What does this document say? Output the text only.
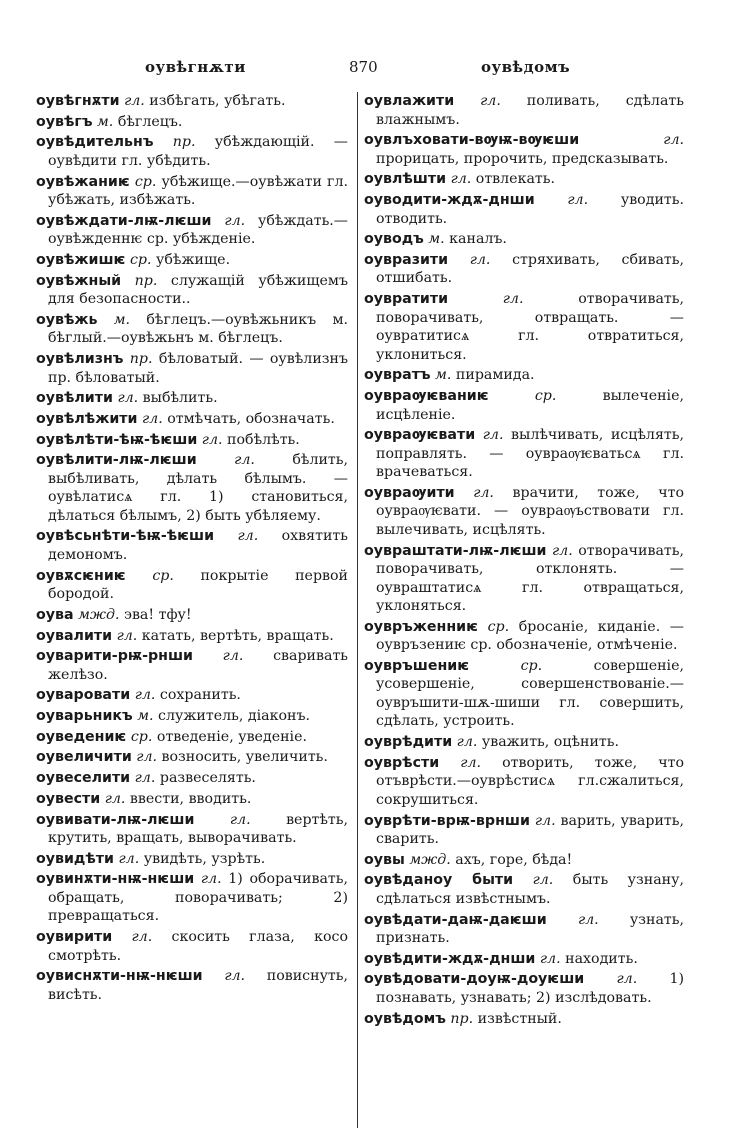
оувѣгнѫти	870	оувѣдомъ
оувѣгнѫти гл. избѣгать, убѣгать.
оувѣгъ м. бѣглецъ.
оувѣдительнъ пр. убѣждающій. — оувѣдити гл. убѣдить.
оувѣжаниѥ ср. убѣжище.—оувѣжати гл. убѣжать, избѣжать.
оувѣждати-лѭ-лѥши гл. убѣждать.— оувѣжденнѥ ср. убѣжденіе.
оувѣжишѥ ср. убѣжище.
оувѣжный пр. служащій убѣжищемъ для безопасности..
оувѣжь м. бѣглецъ.—оувѣжьникъ м. бѣглый.—оувѣжьнъ м. бѣглецъ.
оувѣлизнъ пр. бѣловатый. — оувѣлизнъ пр. бѣловатый.
оувѣлити гл. выбѣлить.
оувѣлѣжити гл. отмѣчать, обозначать.
оувѣлѣти-ѣѭ-ѣѥши гл. побѣлѣть.
оувѣлити-лѭ-лѥши	гл.	бѣлить, выбѣливать, дѣлать бѣлымъ. — оувѣлатисѧ гл. 1) становиться, дѣлаться бѣлымъ, 2) быть убѣляему.
оувѣсьнѣти-ѣѭ-ѣѥши гл. охвятить демономъ.
оувѫсѥниѥ ср. покрытіе первой бородой.
оува мжд. эва! тфу!
оувалити гл. катать, вертѣть, вращать.
оуварити-рѭ-рнши гл. сваривать желѣзо.
оуваровати гл. сохранить.
оуварьникъ м. служитель, діаконъ.
оуведениѥ ср. отведеніе, уведеніе.
оувеличити гл. возносить, увеличить.
оувеселити гл. развеселять.
оувести гл. ввести, вводить.
оувивати-лѭ-лѥши гл. вертѣть, крутить, вращать, выворачивать.
оувидѣти гл. увидѣть, узрѣть.
оувинѫти-нѭ-нѥши гл. 1) оборачивать, обращать, поворачивать; 2) превращаться.
оувирити гл. скосить глаза, косо смотрѣть.
оувиснѫти-нѭ-нѥши гл. повиснуть, висѣть.
оувлажити гл. поливать, сдѣлать влажнымъ.
оувлъховати-вѹѭ-вѹѥши	гл. прорицать, пророчить, предсказывать.
оувлѣшти гл. отвлекать.
оувoдити-ждѫ-днши гл. уводить. отводить.
оуводъ м. каналъ.
оувразити гл. стряхивать, сбивать, отшибать.
оувратити	гл.	отворачивать, поворачивать, отвращать. — оувратитисѧ гл. отвратиться, уклониться.
оувратъ м. пирамида.
оувраѹѥваниѥ	ср.	вылеченіе, исцѣленіе.
оувраѹѥвати гл. вылѣчивать, исцѣлять, поправлять. — оувраѹѥватьсѧ гл. врачеваться.
оувраѹити гл. врачити, тоже, что оувраѹѥвати. — оувраѹьствовати гл. вылечивать, исцѣлять.
оувраштати-лѭ-лѥши гл. отворачивать, поворачивать, отклонять. — оувраштатисѧ гл. отвращаться, уклоняться.
оувръженниѥ ср. бросаніе, киданіе. — оувръзениѥ ср. обозначеніе, отмѣченіе.
оувръшениѥ	ср.	совершеніе, усовершеніе, совершенствованіе.—оувръшити-шѫ-шиши гл. совершить, сдѣлать, устроить.
оуврѣдити гл. уважить, оцѣнить.
оуврѣсти гл. отворить, тоже, что отъврѣсти.—оуврѣстисѧ гл.сжалиться, сокрушиться.
оуврѣти-врѭ-врнши гл. варить, уварить, сварить.
оувы мжд. ахъ, горе, бѣда!
оувѣданоу быти гл. быть узнану, сдѣлаться извѣстнымъ.
оувѣдати-даѭ-даѥши гл. узнать, признать.
оувѣдити-ждѫ-днши гл. находить.
оувѣдовати-доуѭ-доуѥши гл. 1) познавать, узнавать; 2) изслѣдовать.
оувѣдомъ пр. извѣстный.
